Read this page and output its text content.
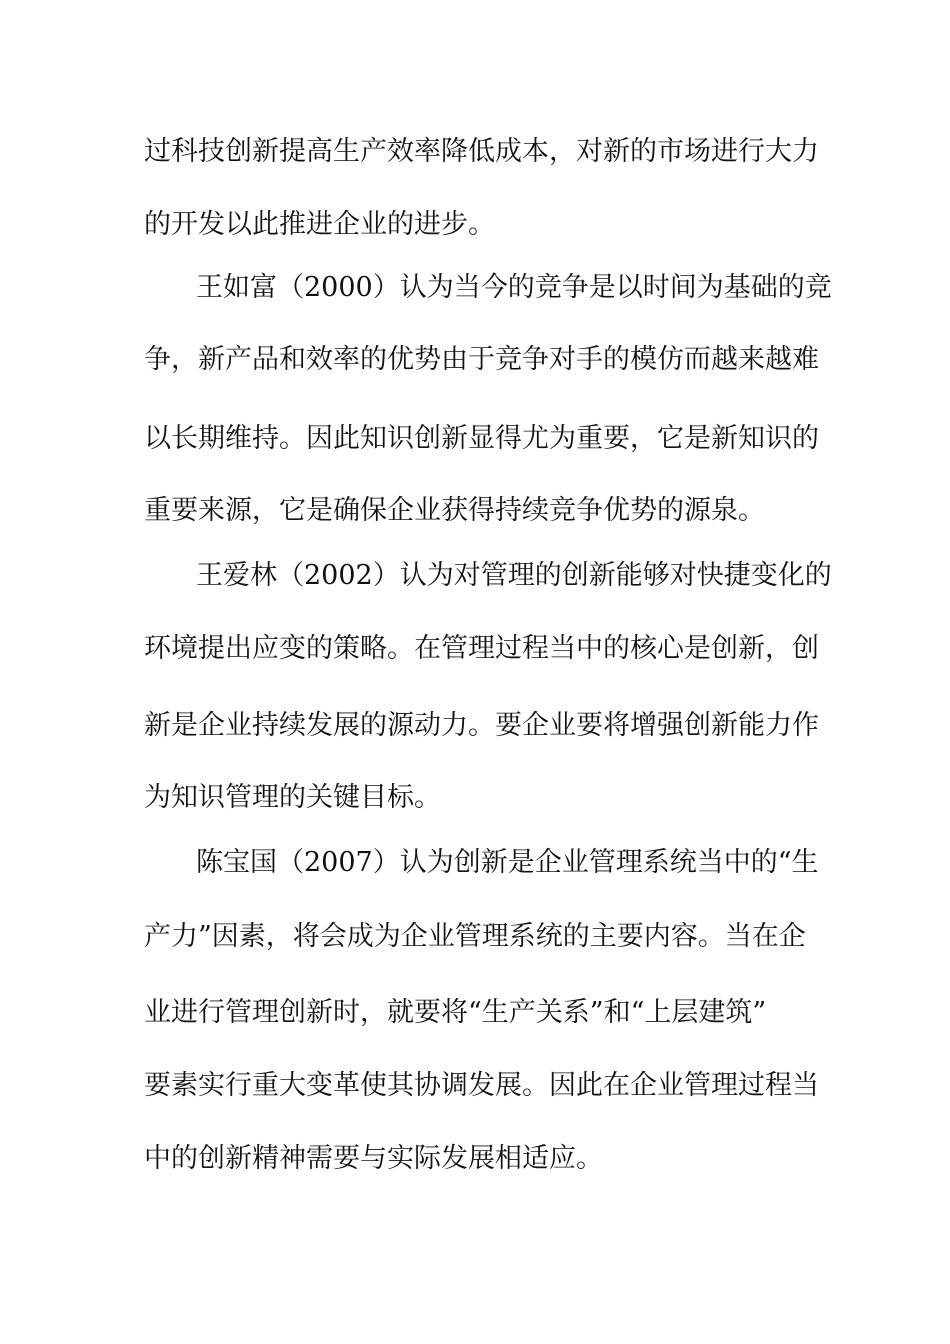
过科技创新提高生产效率降低成本，对新的市场进行大力
的开发以此推进企业的进步。
王如富（2000）认为当今的竞争是以时间为基础的竞
争，新产品和效率的优势由于竞争对手的模仿而越来越难
以长期维持。因此知识创新显得尤为重要，它是新知识的
重要来源，它是确保企业获得持续竞争优势的源泉。
王爱林（2002）认为对管理的创新能够对快捷变化的
环境提出应变的策略。在管理过程当中的核心是创新，创
新是企业持续发展的源动力。要企业要将增强创新能力作
为知识管理的关键目标。
陈宝国（2007）认为创新是企业管理系统当中的“生
产力”因素，将会成为企业管理系统的主要内容。当在企
业进行管理创新时，就要将“生产关系”和“上层建筑”
要素实行重大变革使其协调发展。因此在企业管理过程当
中的创新精神需要与实际发展相适应。
